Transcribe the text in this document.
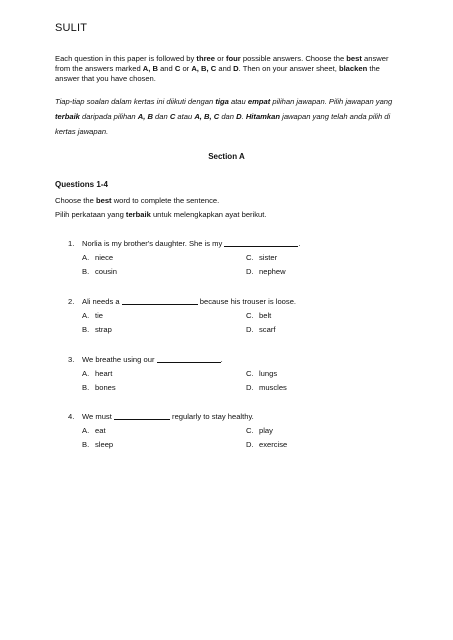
SULIT
Each question in this paper is followed by three or four possible answers. Choose the best answer from the answers marked A, B and C or A, B, C and D. Then on your answer sheet, blacken the answer that you have chosen.
Tiap-tiap soalan dalam kertas ini diikuti dengan tiga atau empat pilihan jawapan. Pilih jawapan yang terbaik daripada pilihan A, B dan C atau A, B, C dan D. Hitamkan jawapan yang telah anda pilih di kertas jawapan.
Section A
Questions 1-4
Choose the best word to complete the sentence.
Pilih perkataan yang terbaik untuk melengkapkan ayat berikut.
1. Norlia is my brother's daughter. She is my	.
A. niece
B. cousin
C. sister
D. nephew
2. Ali needs a	because his trouser is loose.
A. tie
B. strap
C. belt
D. scarf
3. We breathe using our	.
A. heart
B. bones
C. lungs
D. muscles
4. We must	regularly to stay healthy.
A. eat
B. sleep
C. play
D. exercise
